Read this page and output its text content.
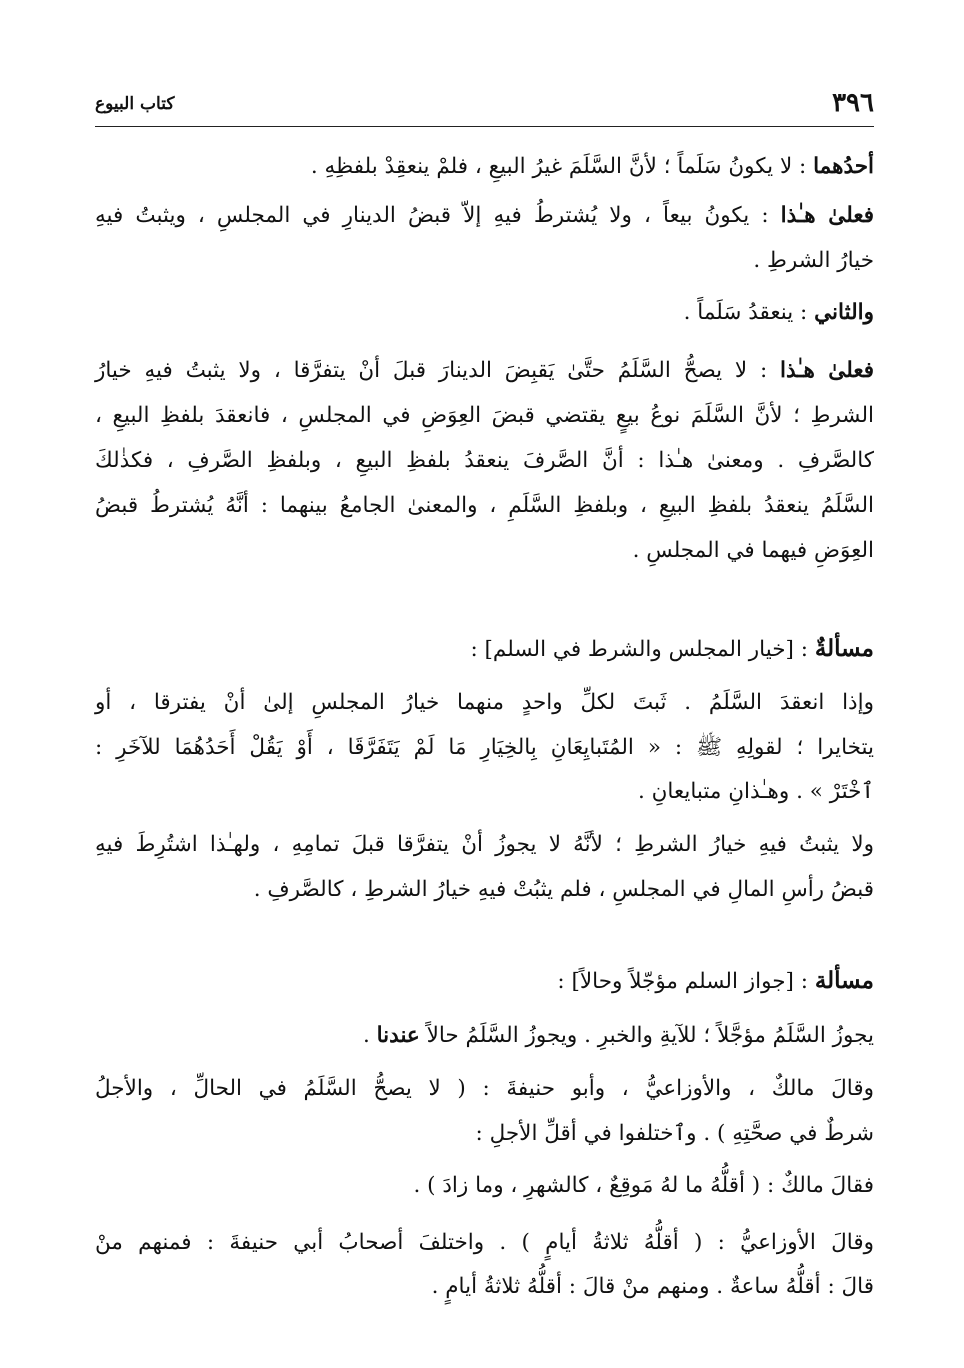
٣٩٦
كتاب البيوع
أحدُهما : لا يكونُ سَلَماً ؛ لأنَّ السَّلَمَ غيرُ البيعِ ، فلمْ ينعقِدْ بلفظِهِ .
فعلىٰ هـٰذا : يكونُ بيعاً ، ولا يُشترطُ فيهِ إلاّ قبضُ الدينارِ في المجلسِ ، ويثبتُ فيهِ
خيارُ الشرطِ .
والثاني : ينعقدُ سَلَماً .
فعلىٰ هـٰذا : لا يصحُّ السَّلَمُ حتَّىٰ يَقبِضَ الدينارَ قبلَ أنْ يتفرَّقا ، ولا يثبتُ فيهِ خيارُ
الشرطِ ؛ لأنَّ السَّلَمَ نوعُ بيعٍ يقتضي قبضَ العِوَضِ في المجلسِ ، فانعقدَ بلفظِ البيعِ ،
كالصَّرفِ . ومعنىٰ هـٰذا : أنَّ الصَّرفَ ينعقدُ بلفظِ البيعِ ، وبلفظِ الصَّرفِ ، فكذٰلكَ
السَّلَمُ ينعقدُ بلفظِ البيعِ ، وبلفظِ السَّلَمِ ، والمعنىٰ الجامعُ بينهما : أنَّهُ يُشترطُ قبضُ
العِوَضِ فيهما في المجلسِ .
مسألةٌ : [خيار المجلس والشرط في السلم] :
وإذا انعقدَ السَّلَمُ . ثَبتَ لكلِّ واحدٍ منهما خيارُ المجلسِ إلىٰ أنْ يفترقا ، أو
يتخايرا ؛ لقولِهِ ﷺ : « المُتَبايِعَانِ بِالخِيَارِ مَا لَمْ يَتَفَرَّقَا ، أَوْ يَقُلْ أَحَدُهُمَا للآخَرِ :
ٱخْتَرْ » . وهـٰذانِ متبايعانِ .
ولا يثبتُ فيهِ خيارُ الشرطِ ؛ لأنَّهُ لا يجوزُ أنْ يتفرَّقا قبلَ تمامِهِ ، ولهـٰذا اشتُرِطَ فيهِ
قبضُ رأسِ المالِ في المجلسِ ، فلم يثبُتْ فيهِ خيارُ الشرطِ ، كالصَّرفِ .
مسألة : [جواز السلم مؤجّلاً وحالاً] :
يجوزُ السَّلَمُ مؤجَّلاً ؛ للآيةِ والخبرِ . ويجوزُ السَّلَمُ حالاً عندنا .
وقالَ مالكٌ ، والأوزاعيُّ ، وأبو حنيفةَ : ( لا يصحُّ السَّلَمُ في الحالِّ ، والأجلُ
شرطٌ في صحَّتِهِ ) . وٱختلفوا في أقلِّ الأجلِ :
فقالَ مالكٌ : ( أقلُّهُ ما لهُ مَوقِعٌ ، كالشهرِ ، وما زادَ ) .
وقالَ الأوزاعيُّ : ( أقلُّهُ ثلاثةُ أيامٍ ) . واختلفَ أصحابُ أبي حنيفةَ : فمنهم منْ
قالَ : أقلُّهُ ساعةٌ . ومنهم منْ قالَ : أقلُّهُ ثلاثةُ أيامٍ .
